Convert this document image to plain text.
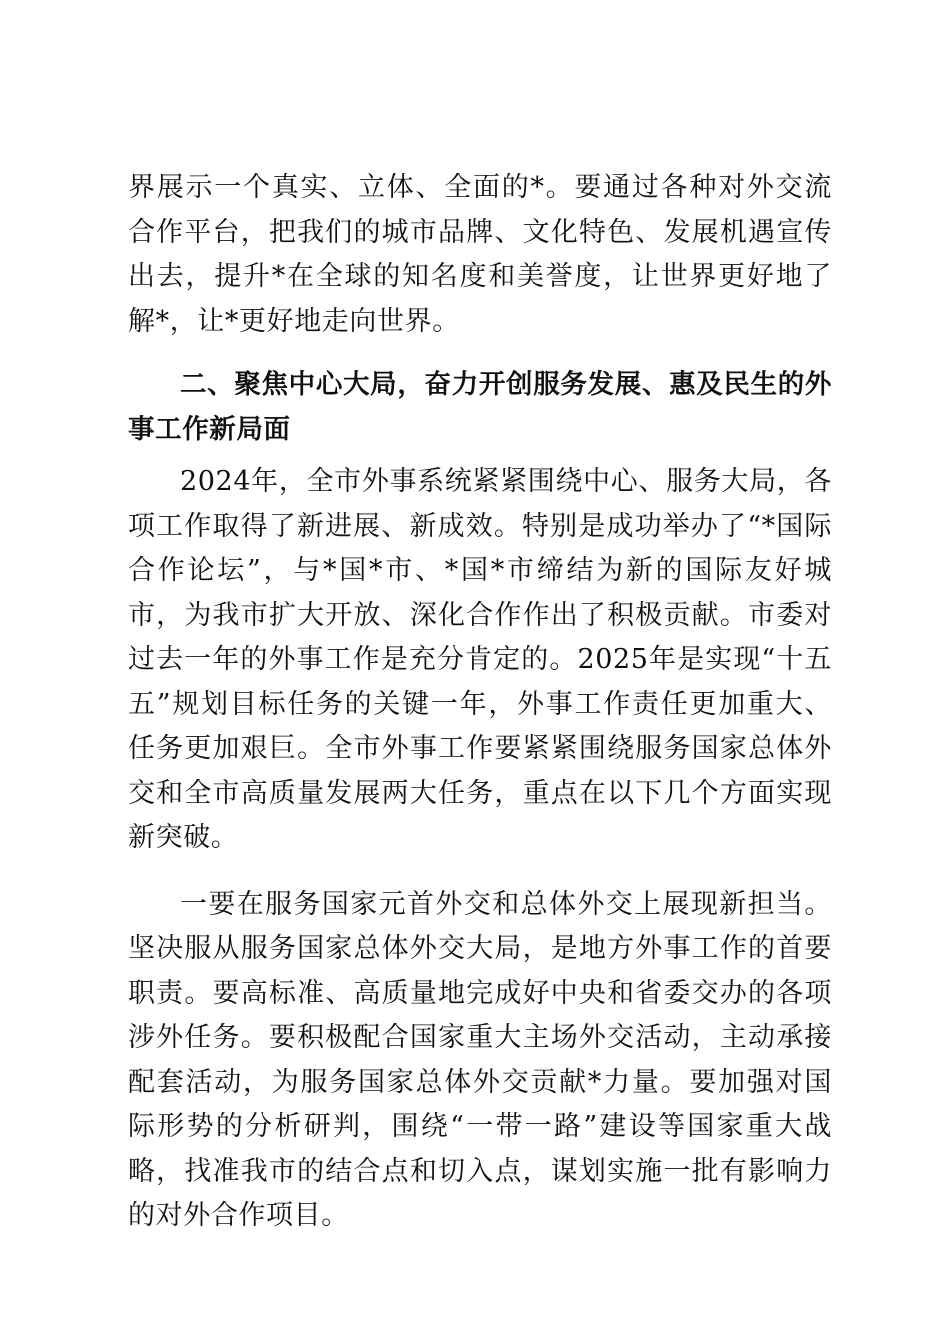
界展示一个真实、立体、全面的*。要通过各种对外交流合作平台，把我们的城市品牌、文化特色、发展机遇宣传出去，提升*在全球的知名度和美誉度，让世界更好地了解*，让*更好地走向世界。

二、聚焦中心大局，奋力开创服务发展、惠及民生的外事工作新局面

2024年，全市外事系统紧紧围绕中心、服务大局，各项工作取得了新进展、新成效。特别是成功举办了“*国际合作论坛”，与*国*市、*国*市缔结为新的国际友好城市，为我市扩大开放、深化合作作出了积极贡献。市委对过去一年的外事工作是充分肯定的。2025年是实现“十五五”规划目标任务的关键一年，外事工作责任更加重大、任务更加艰巨。全市外事工作要紧紧围绕服务国家总体外交和全市高质量发展两大任务，重点在以下几个方面实现新突破。

一要在服务国家元首外交和总体外交上展现新担当。坚决服从服务国家总体外交大局，是地方外事工作的首要职责。要高标准、高质量地完成好中央和省委交办的各项涉外任务。要积极配合国家重大主场外交活动，主动承接配套活动，为服务国家总体外交贡献*力量。要加强对国际形势的分析研判，围绕“一带一路”建设等国家重大战略，找准我市的结合点和切入点，谋划实施一批有影响力的对外合作项目。
